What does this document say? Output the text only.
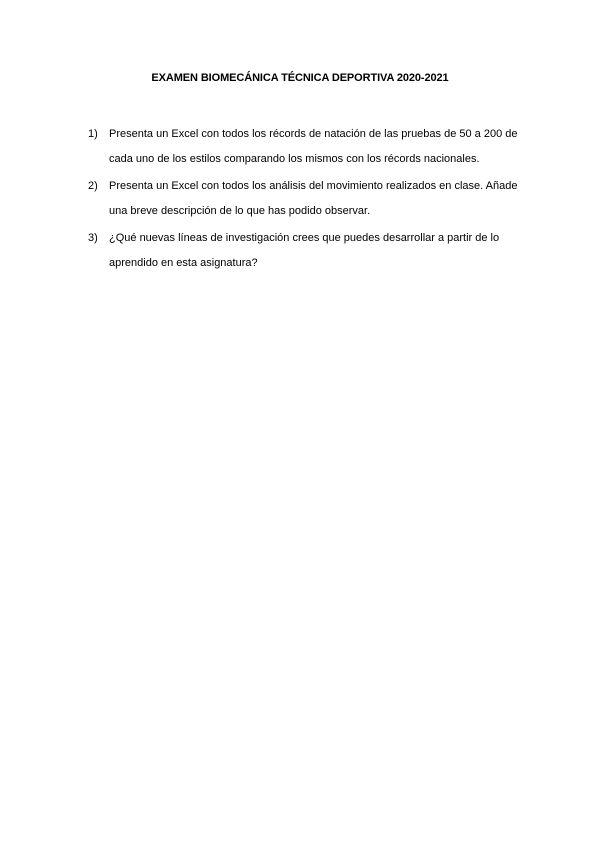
EXAMEN BIOMECÁNICA TÉCNICA DEPORTIVA 2020-2021
1) Presenta un Excel con todos los récords de natación de las pruebas de 50 a 200 de cada uno de los estilos comparando los mismos con los récords nacionales.
2) Presenta un Excel con todos los análisis del movimiento realizados en clase. Añade una breve descripción de lo que has podido observar.
3) ¿Qué nuevas líneas de investigación crees que puedes desarrollar a partir de lo aprendido en esta asignatura?
